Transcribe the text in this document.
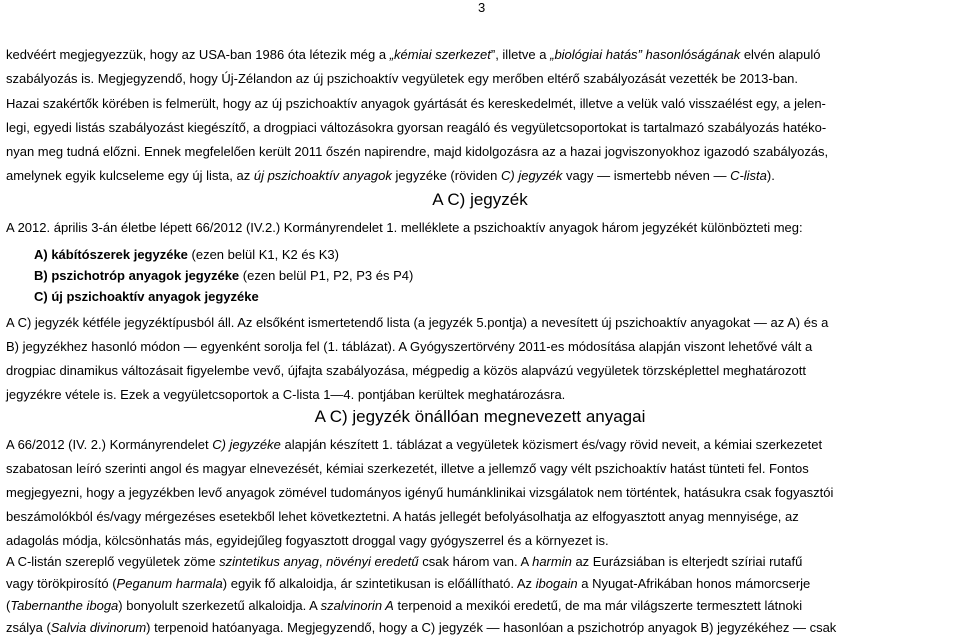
3
kedvéért megjegyezzük, hogy az USA-ban 1986 óta létezik még a „kémiai szerkezet”, illetve a „biológiai hatás” hasonlóságának elvén alapuló
szabályozás is. Megjegyzendő, hogy Új-Zélandon az új pszichoaktív vegyületek egy merőben eltérő szabályozását vezették be 2013-ban.
Hazai szakértők körében is felmerült, hogy az új pszichoaktív anyagok gyártását és kereskedelmét, illetve a velük való visszaélést egy, a jelen-
legi, egyedi listás szabályozást kiegészítő, a drogpiaci változásokra gyorsan reagáló és vegyületcsoportokat is tartalmazó szabályozás hatéko-
nyan meg tudná előzni. Ennek megfelelően került 2011 őszén napirendre, majd kidolgozásra az a hazai jogviszonyokhoz igazodó szabályozás,
amelynek egyik kulcseleme egy új lista, az új pszichoaktív anyagok jegyzéke (röviden C) jegyzék vagy — ismertebb néven — C-lista).
A C) jegyzék
A 2012. április 3-án életbe lépett 66/2012 (IV.2.) Kormányrendelet 1. melléklete a pszichoaktív anyagok három jegyzékét különbözteti meg:
A) kábítószerek jegyzéke (ezen belül K1, K2 és K3)
B) pszichotróp anyagok jegyzéke (ezen belül P1, P2, P3 és P4)
C) új pszichoaktív anyagok jegyzéke
A C) jegyzék kétféle jegyzéktípusból áll. Az elsőként ismertetendő lista (a jegyzék 5.pontja) a nevesített új pszichoaktív anyagokat — az A) és a
B) jegyzékhez hasonló módon — egyenként sorolja fel (1. táblázat). A Gyógyszertörvény 2011-es módosítása alapján viszont lehetővé vált a
drogpiac dinamikus változásait figyelembe vevő, újfajta szabályozása, mégpedig a közös alapvázú vegyületek törzsképlettel meghatározott
jegyzékre vétele is. Ezek a vegyületcsoportok a C-lista 1—4. pontjában kerültek meghatározásra.
A C) jegyzék önállóan megnevezett anyagai
A 66/2012 (IV. 2.) Kormányrendelet C) jegyzéke alapján készített 1. táblázat a vegyületek közismert és/vagy rövid neveit, a kémiai szerkezetet
szabatosan leíró szerinti angol és magyar elnevezését, kémiai szerkezetét, illetve a jellemző vagy vélt pszichoaktív hatást tünteti fel. Fontos
megjegyezni, hogy a jegyzékben levő anyagok zömével tudományos igényű humánklinikai vizsgálatok nem történtek, hatásukra csak fogyasztói
beszámolókból és/vagy mérgezéses esetekből lehet következtetni. A hatás jellegét befolyásolhatja az elfogyasztott anyag mennyisége, az
adagolás módja, kölcsönhatás más, egyidejűleg fogyasztott droggal vagy gyógyszerrel és a környezet is.
A C-listán szereplő vegyületek zöme szintetikus anyag, növényi eredetű csak három van. A harmin az Eurázsiában is elterjedt szíriai rutafű
vagy törökpirosító (Peganum harmala) egyik fő alkaloidja, ár szintetikusan is előállítható. Az ibogain a Nyugat-Afrikában honos mámorcserje
(Tabernanthe iboga) bonyolult szerkezetű alkaloidja. A szalvinorin A terpenoid a mexikói eredetű, de ma már világszerte termesztett látnoki
zsálya (Salvia divinorum) terpenoid hatóanyaga. Megjegyzendő, hogy a C) jegyzék — hasonlóan a pszichotróp anyagok B) jegyzékéhez — csak
